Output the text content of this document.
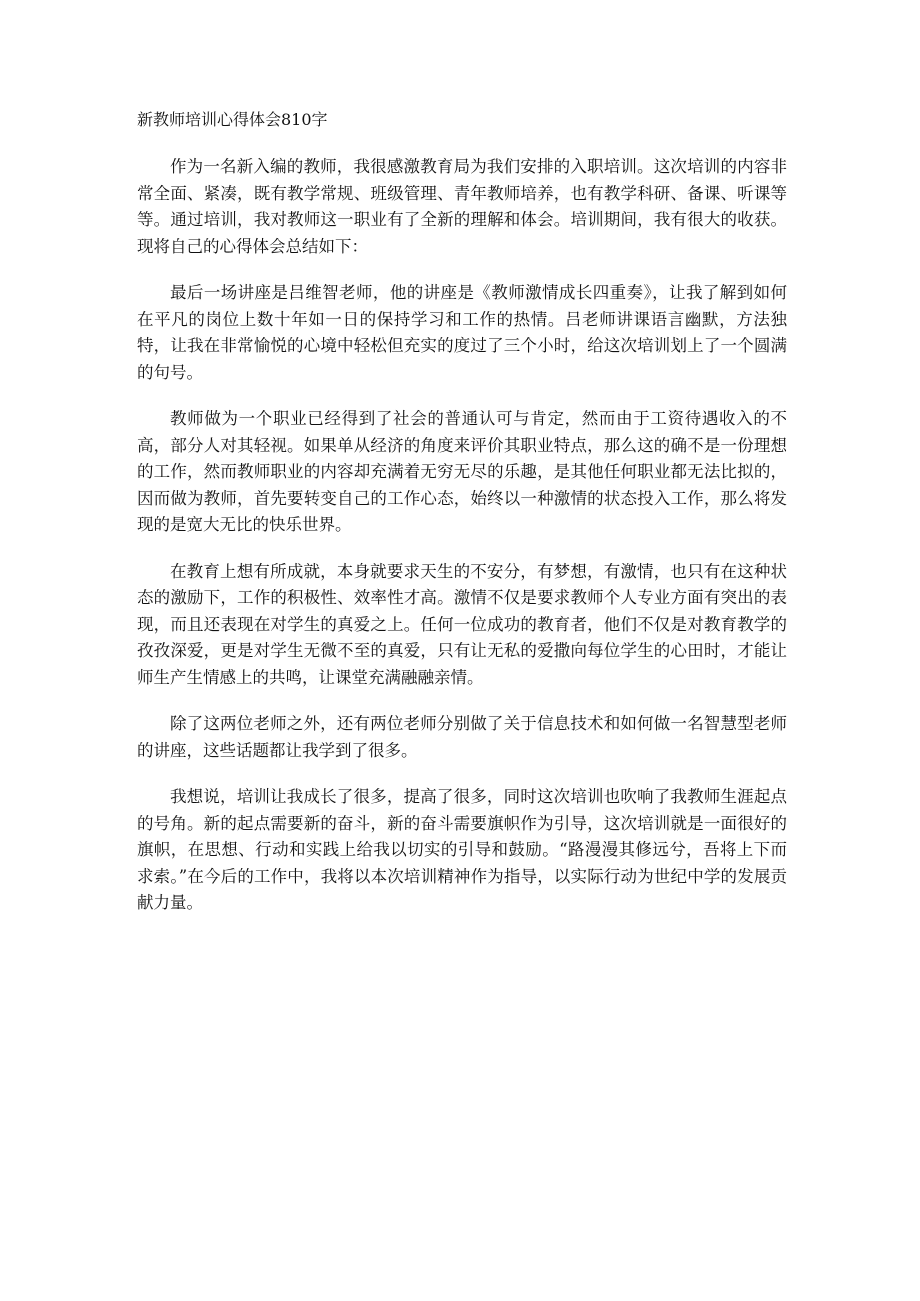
新教师培训心得体会810字

作为一名新入编的教师，我很感激教育局为我们安排的入职培训。这次培训的内容非常全面、紧凑，既有教学常规、班级管理、青年教师培养，也有教学科研、备课、听课等等。通过培训，我对教师这一职业有了全新的理解和体会。培训期间，我有很大的收获。现将自己的心得体会总结如下：

最后一场讲座是吕维智老师，他的讲座是《教师激情成长四重奏》，让我了解到如何在平凡的岗位上数十年如一日的保持学习和工作的热情。吕老师讲课语言幽默，方法独特，让我在非常愉悦的心境中轻松但充实的度过了三个小时，给这次培训划上了一个圆满的句号。

教师做为一个职业已经得到了社会的普通认可与肯定，然而由于工资待遇收入的不高，部分人对其轻视。如果单从经济的角度来评价其职业特点，那么这的确不是一份理想的工作，然而教师职业的内容却充满着无穷无尽的乐趣，是其他任何职业都无法比拟的，因而做为教师，首先要转变自己的工作心态，始终以一种激情的状态投入工作，那么将发现的是宽大无比的快乐世界。

在教育上想有所成就，本身就要求天生的不安分，有梦想，有激情，也只有在这种状态的激励下，工作的积极性、效率性才高。激情不仅是要求教师个人专业方面有突出的表现，而且还表现在对学生的真爱之上。任何一位成功的教育者，他们不仅是对教育教学的孜孜深爱，更是对学生无微不至的真爱，只有让无私的爱撒向每位学生的心田时，才能让师生产生情感上的共鸣，让课堂充满融融亲情。

除了这两位老师之外，还有两位老师分别做了关于信息技术和如何做一名智慧型老师的讲座，这些话题都让我学到了很多。

我想说，培训让我成长了很多，提高了很多，同时这次培训也吹响了我教师生涯起点的号角。新的起点需要新的奋斗，新的奋斗需要旗帜作为引导，这次培训就是一面很好的旗帜，在思想、行动和实践上给我以切实的引导和鼓励。“路漫漫其修远兮，吾将上下而求索。”在今后的工作中，我将以本次培训精神作为指导，以实际行动为世纪中学的发展贡献力量。
